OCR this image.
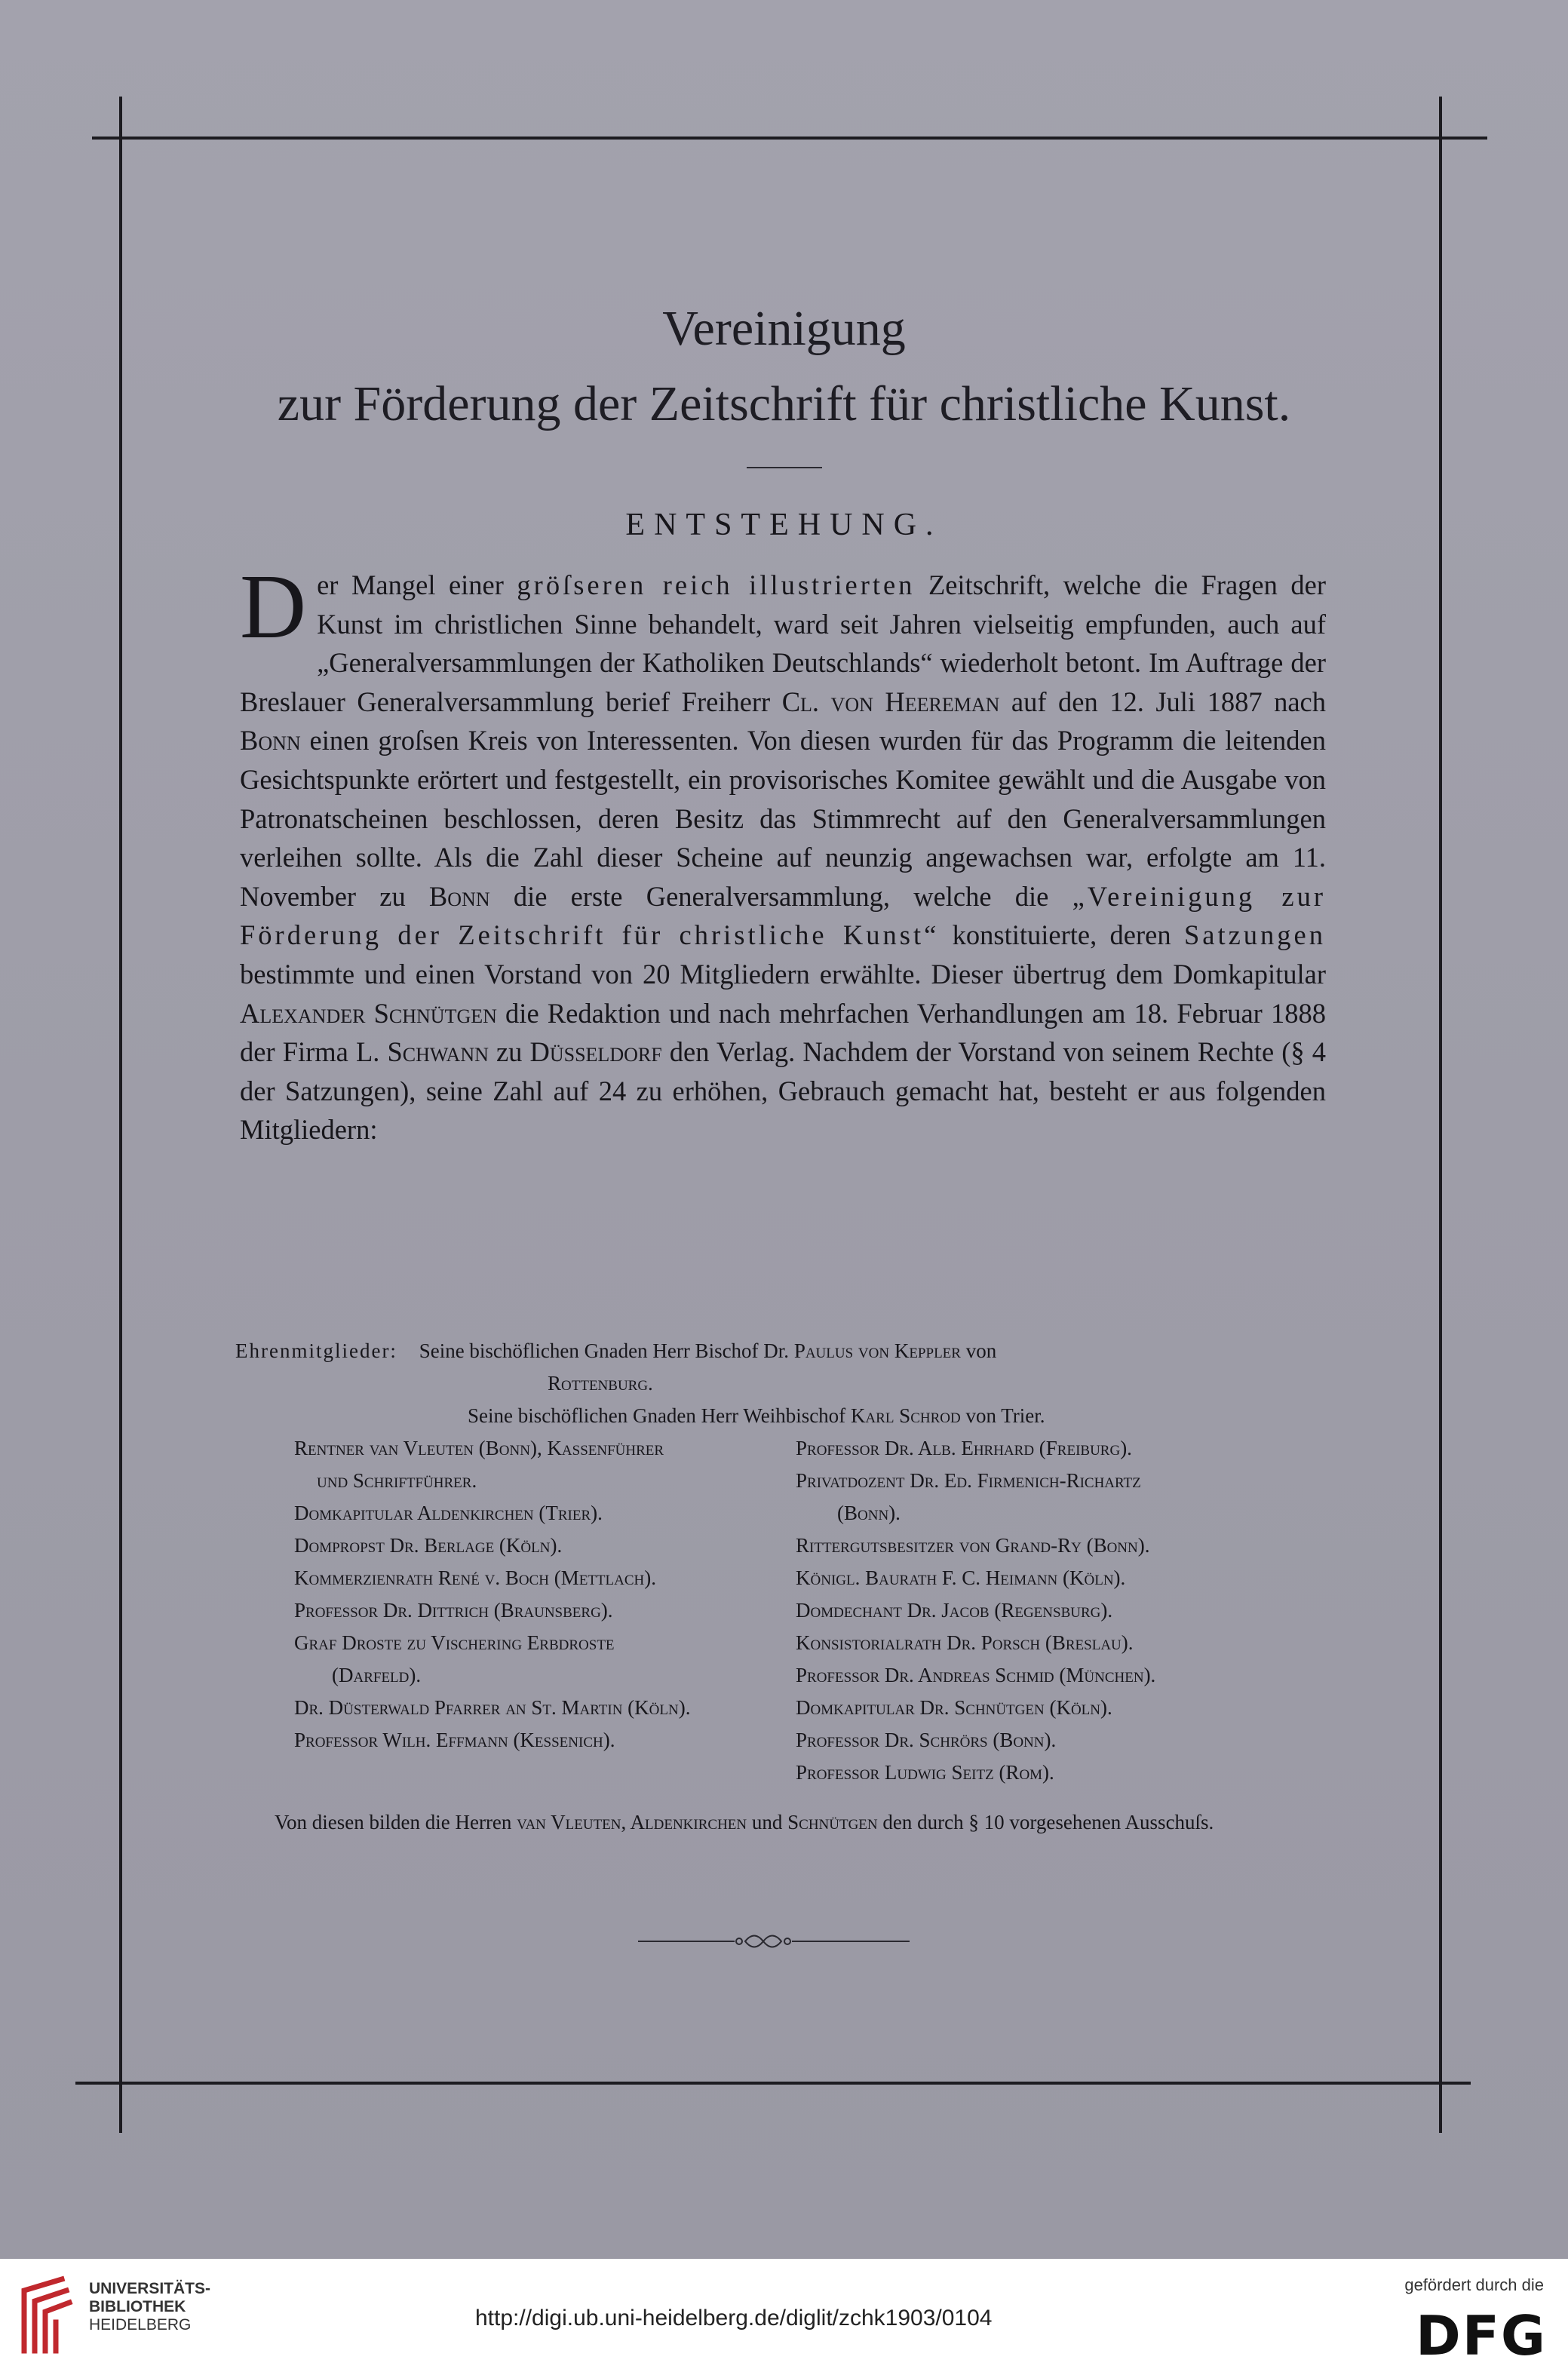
Vereinigung
zur Förderung der Zeitschrift für christliche Kunst.
ENTSTEHUNG.
Der Mangel einer gröſseren reich illustrierten Zeitschrift, welche die Fragen der Kunst im christlichen Sinne behandelt, ward seit Jahren vielseitig empfunden, auch auf „Generalversammlungen der Katholiken Deutschlands“ wiederholt betont. Im Auftrage der Breslauer Generalversammlung berief Freiherr Cl. von Heereman auf den 12. Juli 1887 nach Bonn einen groſsen Kreis von Interessenten. Von diesen wurden für das Programm die leitenden Gesichtspunkte erörtert und festgestellt, ein provisorisches Komitee gewählt und die Ausgabe von Patronatscheinen beschlossen, deren Besitz das Stimmrecht auf den Generalversammlungen verleihen sollte. Als die Zahl dieser Scheine auf neunzig angewachsen war, erfolgte am 11. November zu Bonn die erste Generalversammlung, welche die „Vereinigung zur Förderung der Zeitschrift für christliche Kunst“ konstituierte, deren Satzungen bestimmte und einen Vorstand von 20 Mitgliedern erwählte. Dieser übertrug dem Domkapitular Alexander Schnütgen die Redaktion und nach mehrfachen Verhandlungen am 18. Februar 1888 der Firma L. Schwann zu Düsseldorf den Verlag. Nachdem der Vorstand von seinem Rechte (§ 4 der Satzungen), seine Zahl auf 24 zu erhöhen, Gebrauch gemacht hat, besteht er aus folgenden Mitgliedern:
Ehrenmitglieder: Seine bischöflichen Gnaden Herr Bischof Dr. Paulus von Keppler von
Rottenburg.
Seine bischöflichen Gnaden Herr Weihbischof Karl Schrod von Trier.
Rentner van Vleuten (Bonn), Kassenführer
und Schriftführer.
Domkapitular Aldenkirchen (Trier).
Dompropst Dr. Berlage (Köln).
Kommerzienrath René v. Boch (Mettlach).
Professor Dr. Dittrich (Braunsberg).
Graf Droste zu Vischering Erbdroste
(Darfeld).
Dr. Düsterwald Pfarrer an St. Martin (Köln).
Professor Wilh. Effmann (Kessenich).
Professor Dr. Alb. Ehrhard (Freiburg).
Privatdozent Dr. Ed. Firmenich-Richartz
(Bonn).
Rittergutsbesitzer von Grand-Ry (Bonn).
Königl. Baurath F. C. Heimann (Köln).
Domdechant Dr. Jacob (Regensburg).
Konsistorialrath Dr. Porsch (Breslau).
Professor Dr. Andreas Schmid (München).
Domkapitular Dr. Schnütgen (Köln).
Professor Dr. Schrörs (Bonn).
Professor Ludwig Seitz (Rom).
Von diesen bilden die Herren van Vleuten, Aldenkirchen und Schnütgen den durch § 10 vorgesehenen Ausschuſs.
UNIVERSITÄTS-
BIBLIOTHEK
HEIDELBERG	http://digi.ub.uni-heidelberg.de/diglit/zchk1903/0104
gefördert durch die
DFG
